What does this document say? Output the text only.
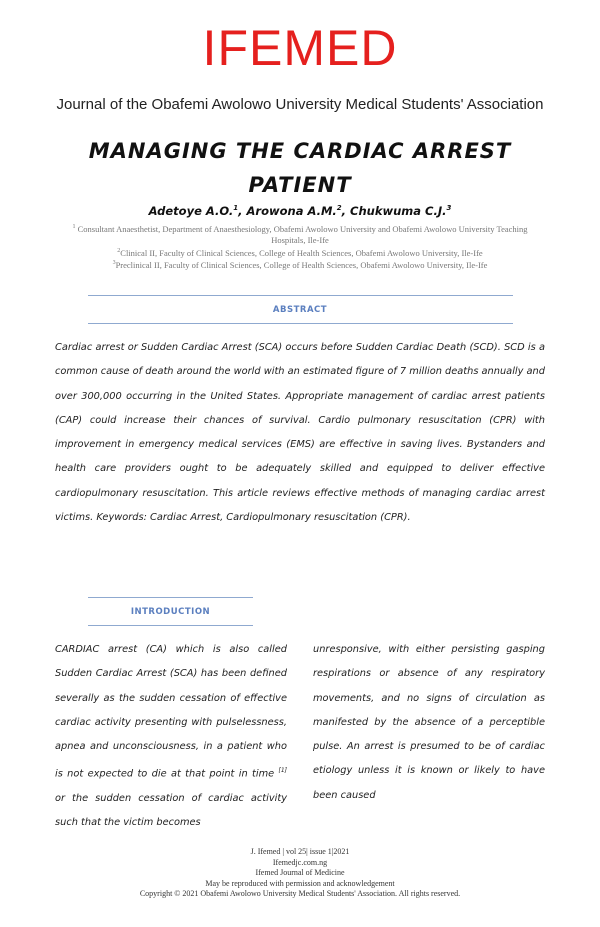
IFEMED
Journal of the Obafemi Awolowo University Medical Students' Association
MANAGING THE CARDIAC ARREST PATIENT
Adetoye A.O.$^1$, Arowona A.M.$^2$, Chukwuma C.J.$^3$
$^1$ Consultant Anaesthetist, Department of Anaesthesiology, Obafemi Awolowo University and Obafemi Awolowo University Teaching Hospitals, Ile-Ife
$^2$Clinical II, Faculty of Clinical Sciences, College of Health Sciences, Obafemi Awolowo University, Ile-Ife
$^3$Preclinical II, Faculty of Clinical Sciences, College of Health Sciences, Obafemi Awolowo University, Ile-Ife
ABSTRACT
Cardiac arrest or Sudden Cardiac Arrest (SCA) occurs before Sudden Cardiac Death (SCD). SCD is a common cause of death around the world with an estimated figure of 7 million deaths annually and over 300,000 occurring in the United States. Appropriate management of cardiac arrest patients (CAP) could increase their chances of survival. Cardio pulmonary resuscitation (CPR) with improvement in emergency medical services (EMS) are effective in saving lives. Bystanders and health care providers ought to be adequately skilled and equipped to deliver effective cardiopulmonary resuscitation. This article reviews effective methods of managing cardiac arrest victims. Keywords: Cardiac Arrest, Cardiopulmonary resuscitation (CPR).
INTRODUCTION
CARDIAC arrest (CA) which is also called Sudden Cardiac Arrest (SCA) has been defined severally as the sudden cessation of effective cardiac activity presenting with pulselessness, apnea and unconsciousness, in a patient who is not expected to die at that point in time [1] or the sudden cessation of cardiac activity such that the victim becomes
unresponsive, with either persisting gasping respirations or absence of any respiratory movements, and no signs of circulation as manifested by the absence of a perceptible pulse. An arrest is presumed to be of cardiac etiology unless it is known or likely to have been caused
J. Ifemed | vol 25| issue 1|2021
Ifemedjc.com.ng
Ifemed Journal of Medicine
May be reproduced with permission and acknowledgement
Copyright © 2021 Obafemi Awolowo University Medical Students' Association. All rights reserved.
